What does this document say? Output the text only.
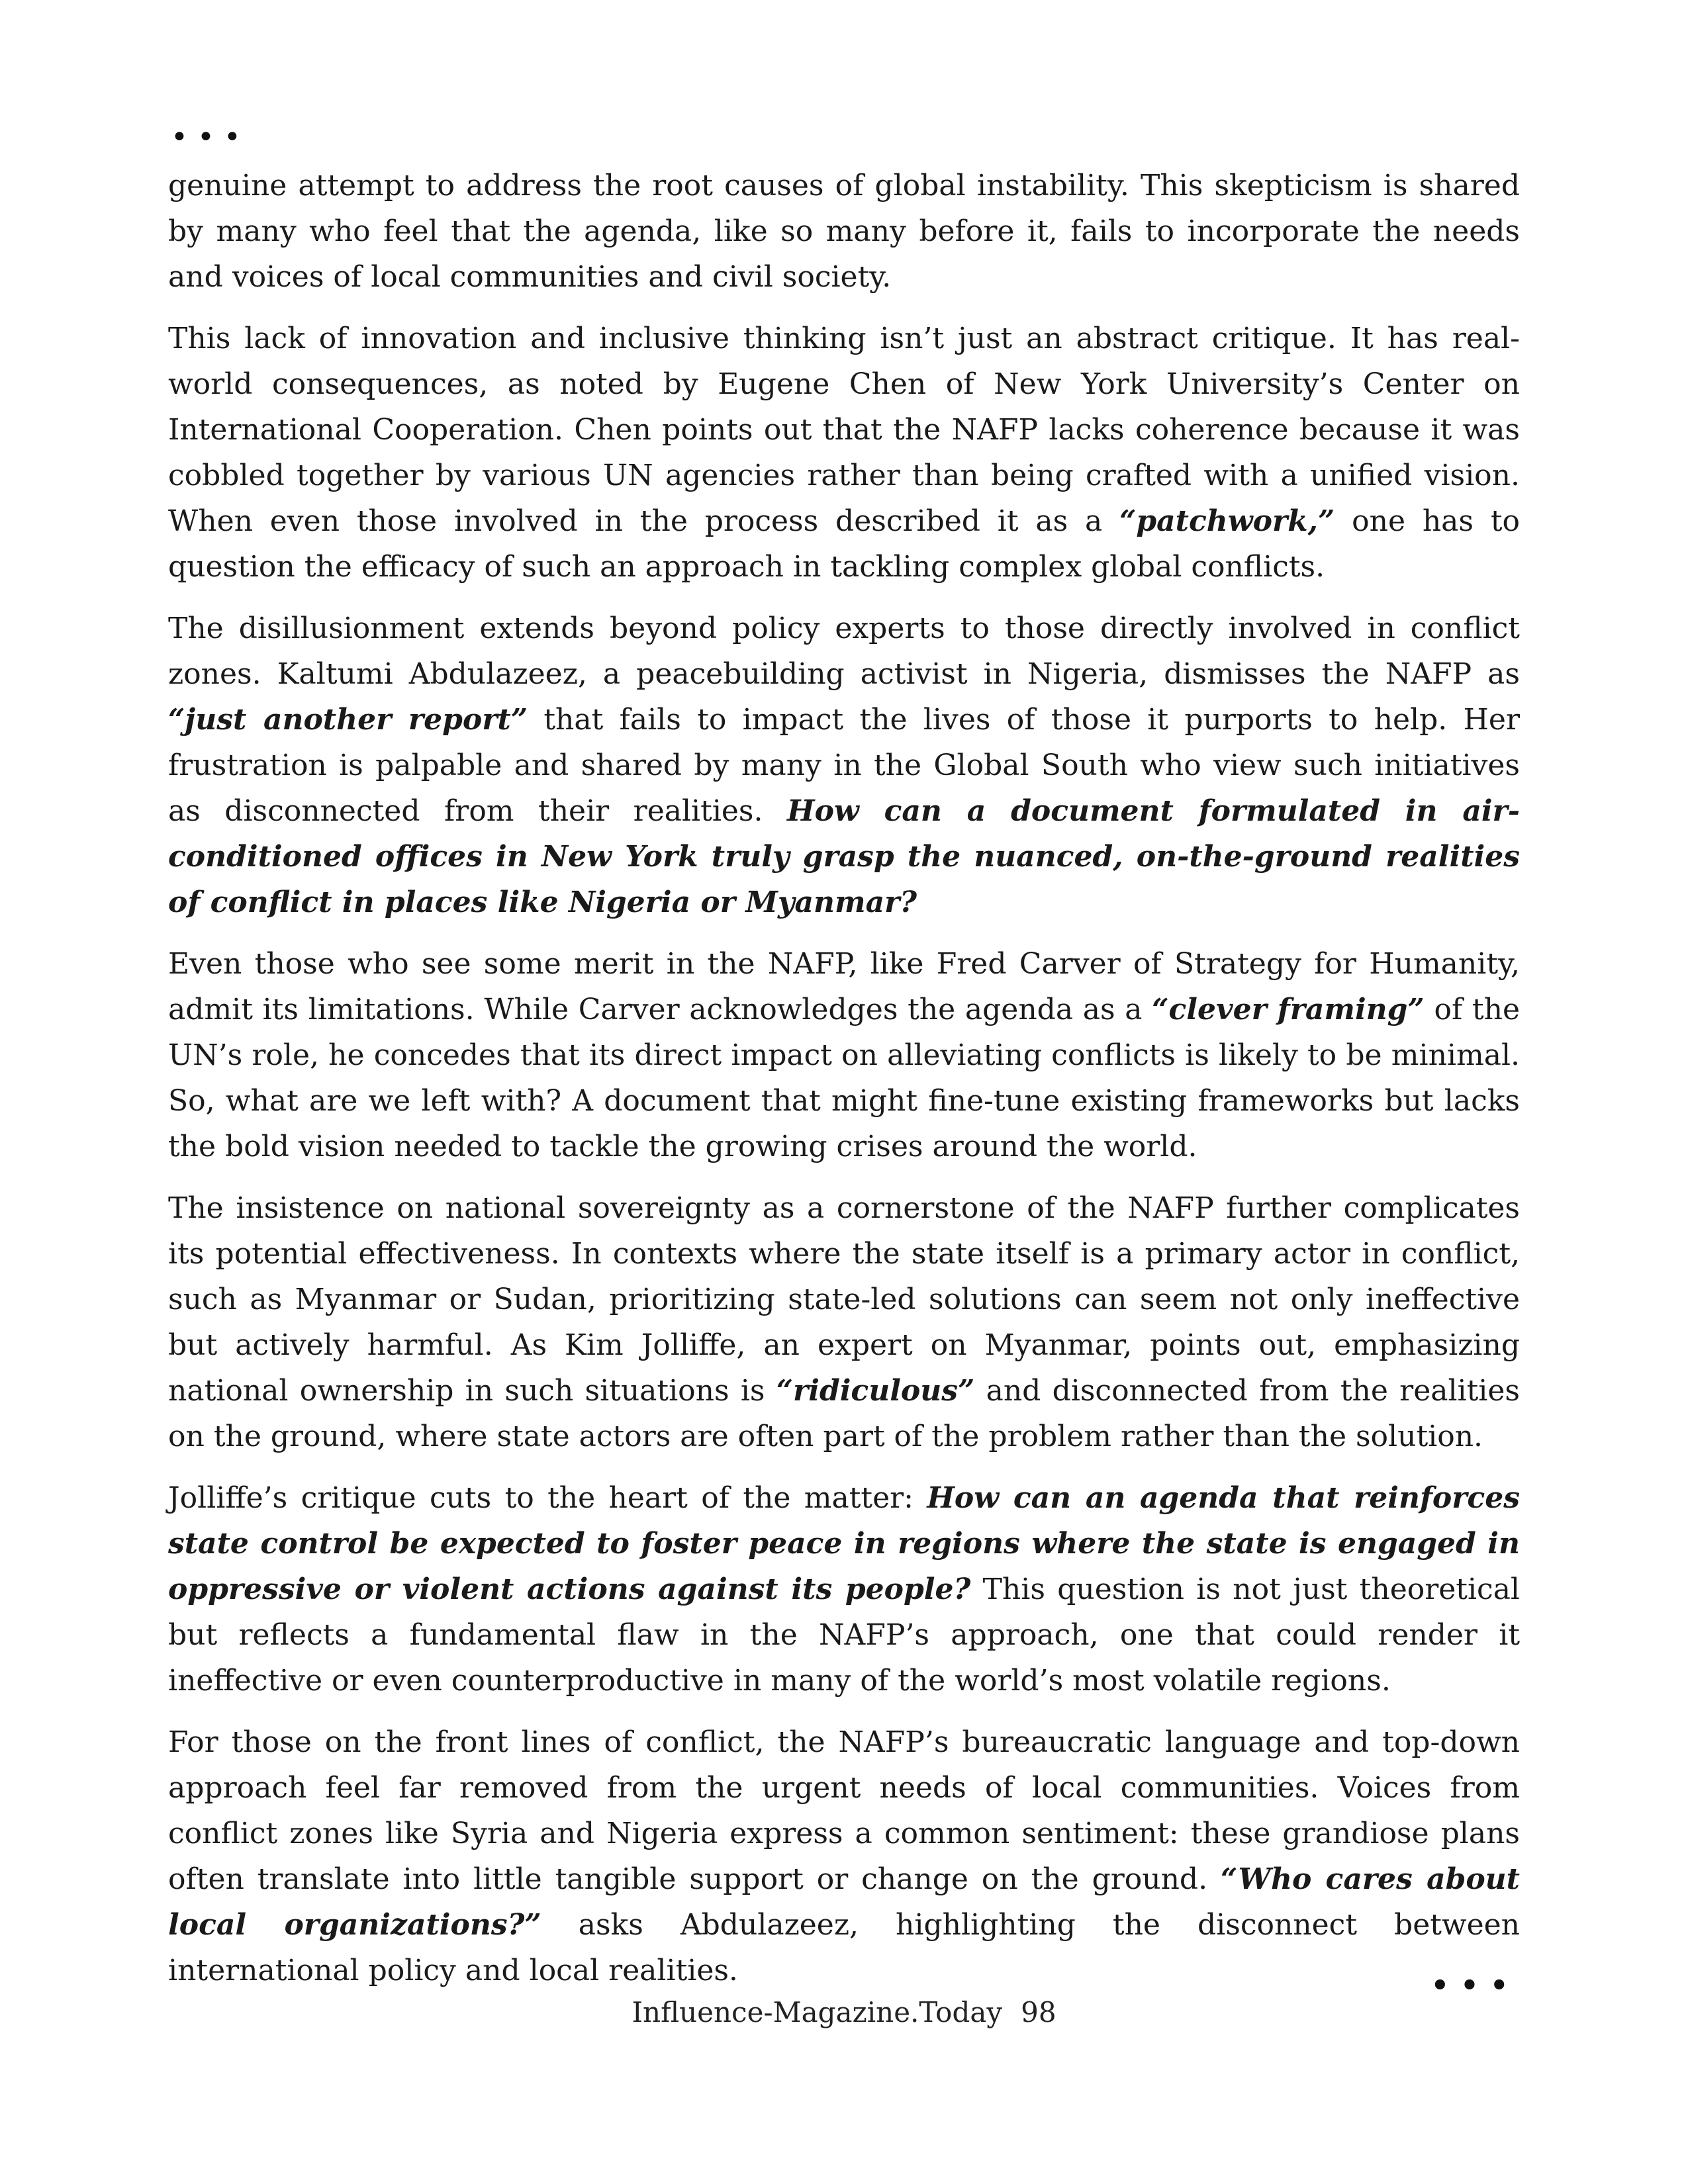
•••

genuine attempt to address the root causes of global instability. This skepticism is shared by many who feel that the agenda, like so many before it, fails to incorporate the needs and voices of local communities and civil society.

This lack of innovation and inclusive thinking isn’t just an abstract critique. It has real-world consequences, as noted by Eugene Chen of New York University’s Center on International Cooperation. Chen points out that the NAFP lacks coherence because it was cobbled together by various UN agencies rather than being crafted with a unified vision. When even those involved in the process described it as a “patchwork,” one has to question the efficacy of such an approach in tackling complex global conflicts.

The disillusionment extends beyond policy experts to those directly involved in conflict zones. Kaltumi Abdulazeez, a peacebuilding activist in Nigeria, dismisses the NAFP as “just another report” that fails to impact the lives of those it purports to help. Her frustration is palpable and shared by many in the Global South who view such initiatives as disconnected from their realities. How can a document formulated in air-conditioned offices in New York truly grasp the nuanced, on-the-ground realities of conflict in places like Nigeria or Myanmar?

Even those who see some merit in the NAFP, like Fred Carver of Strategy for Humanity, admit its limitations. While Carver acknowledges the agenda as a “clever framing” of the UN’s role, he concedes that its direct impact on alleviating conflicts is likely to be minimal. So, what are we left with? A document that might fine-tune existing frameworks but lacks the bold vision needed to tackle the growing crises around the world.

The insistence on national sovereignty as a cornerstone of the NAFP further complicates its potential effectiveness. In contexts where the state itself is a primary actor in conflict, such as Myanmar or Sudan, prioritizing state-led solutions can seem not only ineffective but actively harmful. As Kim Jolliffe, an expert on Myanmar, points out, emphasizing national ownership in such situations is “ridiculous” and disconnected from the realities on the ground, where state actors are often part of the problem rather than the solution.

Jolliffe’s critique cuts to the heart of the matter: How can an agenda that reinforces state control be expected to foster peace in regions where the state is engaged in oppressive or violent actions against its people? This question is not just theoretical but reflects a fundamental flaw in the NAFP’s approach, one that could render it ineffective or even counterproductive in many of the world’s most volatile regions.

For those on the front lines of conflict, the NAFP’s bureaucratic language and top-down approach feel far removed from the urgent needs of local communities. Voices from conflict zones like Syria and Nigeria express a common sentiment: these grandiose plans often translate into little tangible support or change on the ground. “Who cares about local organizations?” asks Abdulazeez, highlighting the disconnect between international policy and local realities.	•••
Influence-Magazine.Today 98
